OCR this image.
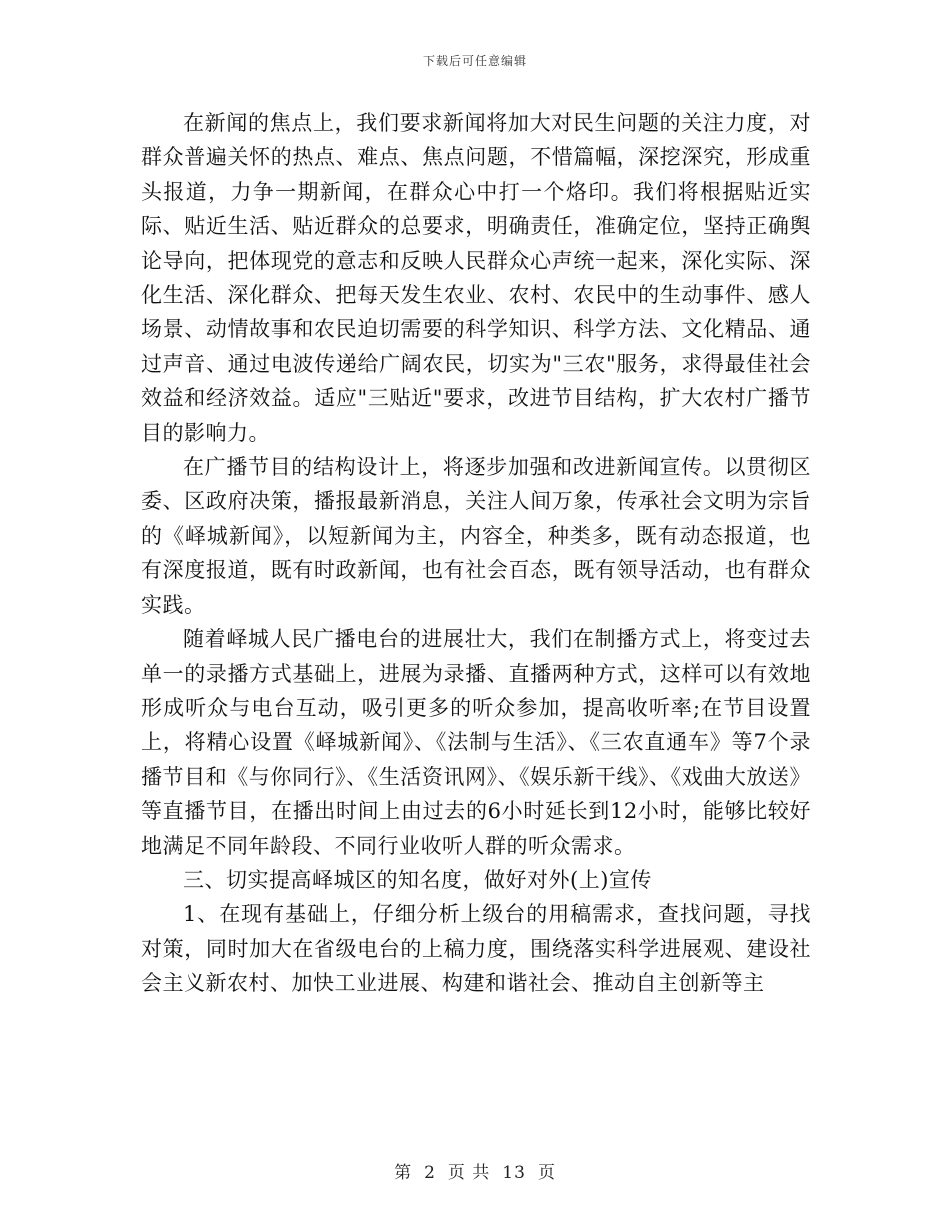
下载后可任意编辑

在新闻的焦点上，我们要求新闻将加大对民生问题的关注力度，对群众普遍关怀的热点、难点、焦点问题，不惜篇幅，深挖深究，形成重头报道，力争一期新闻，在群众心中打一个烙印。我们将根据贴近实际、贴近生活、贴近群众的总要求，明确责任，准确定位，坚持正确舆论导向，把体现党的意志和反映人民群众心声统一起来，深化实际、深化生活、深化群众、把每天发生农业、农村、农民中的生动事件、感人场景、动情故事和农民迫切需要的科学知识、科学方法、文化精品、通过声音、通过电波传递给广阔农民，切实为"三农"服务，求得最佳社会效益和经济效益。适应"三贴近"要求，改进节目结构，扩大农村广播节目的影响力。

在广播节目的结构设计上，将逐步加强和改进新闻宣传。以贯彻区委、区政府决策，播报最新消息，关注人间万象，传承社会文明为宗旨的《峄城新闻》，以短新闻为主，内容全，种类多，既有动态报道，也有深度报道，既有时政新闻，也有社会百态，既有领导活动，也有群众实践。

随着峄城人民广播电台的进展壮大，我们在制播方式上，将变过去单一的录播方式基础上，进展为录播、直播两种方式，这样可以有效地形成听众与电台互动，吸引更多的听众参加，提高收听率;在节目设置上，将精心设置《峄城新闻》、《法制与生活》、《三农直通车》等7个录播节目和《与你同行》、《生活资讯网》、《娱乐新干线》、《戏曲大放送》等直播节目，在播出时间上由过去的6小时延长到12小时，能够比较好地满足不同年龄段、不同行业收听人群的听众需求。

三、切实提高峄城区的知名度，做好对外(上)宣传

1、在现有基础上，仔细分析上级台的用稿需求，查找问题，寻找对策，同时加大在省级电台的上稿力度，围绕落实科学进展观、建设社会主义新农村、加快工业进展、构建和谐社会、推动自主创新等主

第 2 页 共 13 页
